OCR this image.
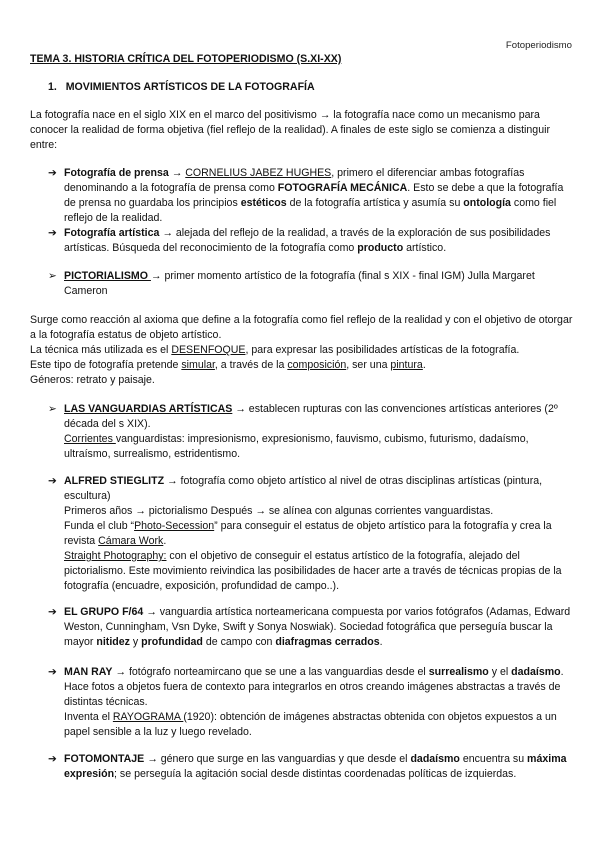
Fotoperiodismo
TEMA 3. HISTORIA CRÍTICA DEL FOTOPERIODISMO (S.XI-XX)
1. MOVIMIENTOS ARTÍSTICOS DE LA FOTOGRAFÍA
La fotografía nace en el siglo XIX en el marco del positivismo → la fotografía nace como un mecanismo para conocer la realidad de forma objetiva (fiel reflejo de la realidad). A finales de este siglo se comienza a distinguir entre:
➔ Fotografía de prensa → CORNELIUS JABEZ HUGHES, primero el diferenciar ambas fotografías denominando a la fotografía de prensa como FOTOGRAFÍA MECÁNICA. Esto se debe a que la fotografía de prensa no guardaba los principios estéticos de la fotografía artística y asumía su ontología como fiel reflejo de la realidad.
➔ Fotografía artística → alejada del reflejo de la realidad, a través de la exploración de sus posibilidades artísticas. Búsqueda del reconocimiento de la fotografía como producto artístico.
➢ PICTORIALISMO → primer momento artístico de la fotografía (final s XIX - final IGM) Julla Margaret Cameron
Surge como reacción al axioma que define a la fotografía como fiel reflejo de la realidad y con el objetivo de otorgar a la fotografía estatus de objeto artístico.
La técnica más utilizada es el DESENFOQUE, para expresar las posibilidades artísticas de la fotografía.
Este tipo de fotografía pretende simular, a través de la composición, ser una pintura.
Géneros: retrato y paisaje.
➢ LAS VANGUARDIAS ARTÍSTICAS → establecen rupturas con las convenciones artísticas anteriores (2º década del s XIX).
Corrientes vanguardistas: impresionismo, expresionismo, fauvismo, cubismo, futurismo, dadaísmo, ultraísmo, surrealismo, estridentismo.
➔ ALFRED STIEGLITZ → fotografía como objeto artístico al nivel de otras disciplinas artísticas (pintura, escultura)
Primeros años → pictorialismo Después → se alínea con algunas corrientes vanguardistas.
Funda el club “Photo-Secession” para conseguir el estatus de objeto artístico para la fotografía y crea la revista Cámara Work.
Straight Photography: con el objetivo de conseguir el estatus artístico de la fotografía, alejado del pictorialismo. Este movimiento reivindica las posibilidades de hacer arte a través de técnicas propias de la fotografía (encuadre, exposición, profundidad de campo..).
➔ EL GRUPO F/64 → vanguardia artística norteamericana compuesta por varios fotógrafos (Adamas, Edward Weston, Cunningham, Vsn Dyke, Swift y Sonya Noswiak). Sociedad fotográfica que perseguía buscar la mayor nitidez y profundidad de campo con diafragmas cerrados.
➔ MAN RAY → fotógrafo norteamircano que se une a las vanguardias desde el surrealismo y el dadaísmo. Hace fotos a objetos fuera de contexto para integrarlos en otros creando imágenes abstractas a través de distintas técnicas.
Inventa el RAYOGRAMA (1920): obtención de imágenes abstractas obtenida con objetos expuestos a un papel sensible a la luz y luego revelado.
➔ FOTOMONTAJE → género que surge en las vanguardias y que desde el dadaísmo encuentra su máxima expresión; se perseguía la agitación social desde distintas coordenadas políticas de izquierdas.
